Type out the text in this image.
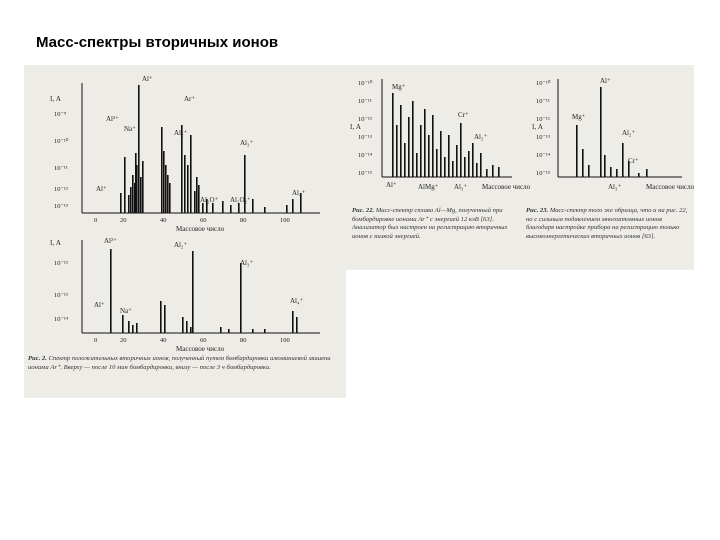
Масс-спектры вторичных ионов
I, А
I, А
10⁻⁹
10⁻¹⁰
10⁻¹¹
10⁻¹²
10⁻¹³
10⁻¹²
10⁻¹³
10⁻¹⁴
0	20	40	60	80	100
Массовое число
0	20	40	60	80	100
Массовое число
Al⁺
Al²⁺
Na⁺
Al⁺
Al₂⁺
Ar⁺
Al₃⁺
Al₂O⁺ Al₂O₂⁺
Al₄⁺
Al²⁺
Al⁺
Na⁺
Al₂⁺
Al₃⁺
Al₄⁺
Рис. 2. Спектр положительных вторичных ионов, полученный путем бомбардировки алюминиевой мишени ионами Ar⁺. Вверху — после 10 мин бомбардировки, внизу — после 3 ч бомбардировки.
I, А
10⁻¹⁰
10⁻¹¹
10⁻¹²
10⁻¹³
10⁻¹⁴
10⁻¹⁵
Массовое число
Mg⁺
Cr⁺
Al₂⁺
Al⁺	AlMg⁺ Al₃⁺
I, А
10⁻¹⁰
10⁻¹¹
10⁻¹²
10⁻¹³
10⁻¹⁴
10⁻¹⁵
Массовое число
Al⁺
Mg⁺
Al₂⁺
Cr⁺
Al₃⁺
Рис. 22. Масс-спектр сплава Al—Mg, полученный при бомбардировке ионами Ar⁺ с энергией 12 кэВ [63]. Анализатор был настроен на регистрацию вторичных ионов с низкой энергией.
Рис. 23. Масс-спектр того же образца, что и на рис. 22, но с сильным подавлением многоатомных ионов благодаря настройке прибора на регистрацию только высокоэнергетических вторичных ионов [63].
